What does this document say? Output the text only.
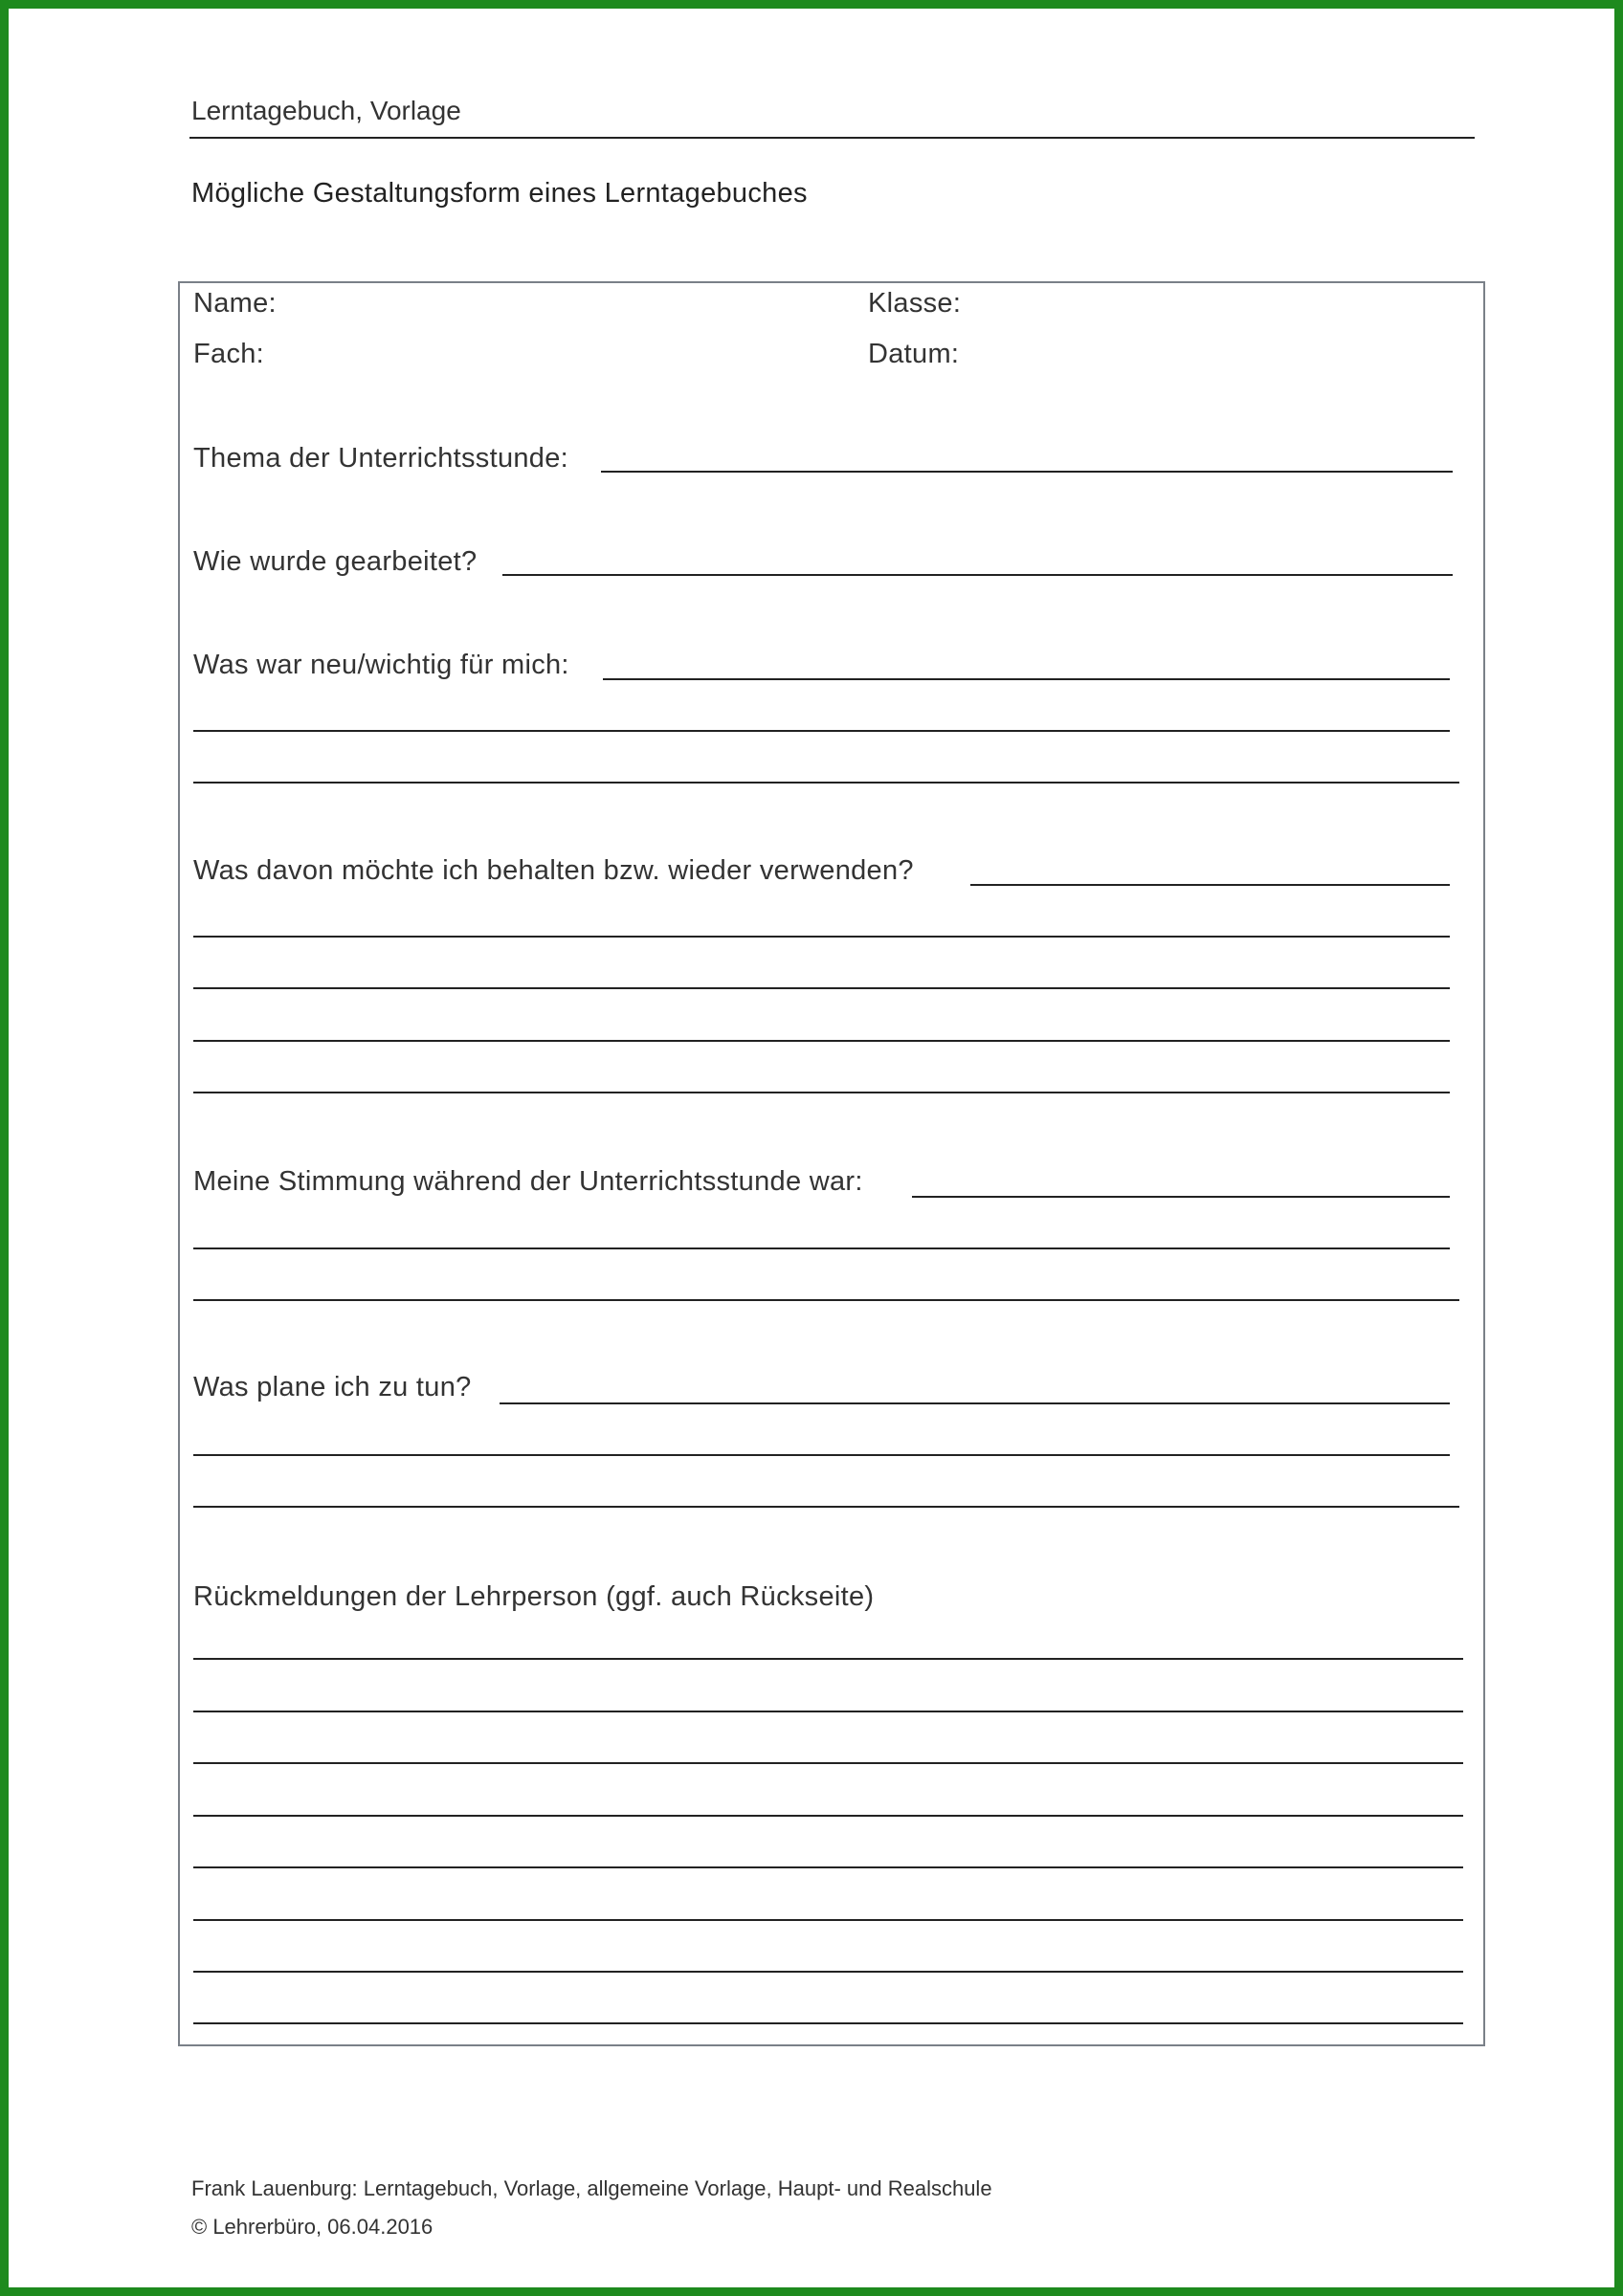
Lerntagebuch, Vorlage
Mögliche Gestaltungsform eines Lerntagebuches
Name:	Klasse:
Fach:	Datum:
Thema der Unterrichtsstunde:
Wie wurde gearbeitet?
Was war neu/wichtig für mich:
Was davon möchte ich behalten bzw. wieder verwenden?
Meine Stimmung während der Unterrichtsstunde war:
Was plane ich zu tun?
Rückmeldungen der Lehrperson (ggf. auch Rückseite)
Frank Lauenburg: Lerntagebuch, Vorlage, allgemeine Vorlage, Haupt- und Realschule
© Lehrerbüro, 06.04.2016
